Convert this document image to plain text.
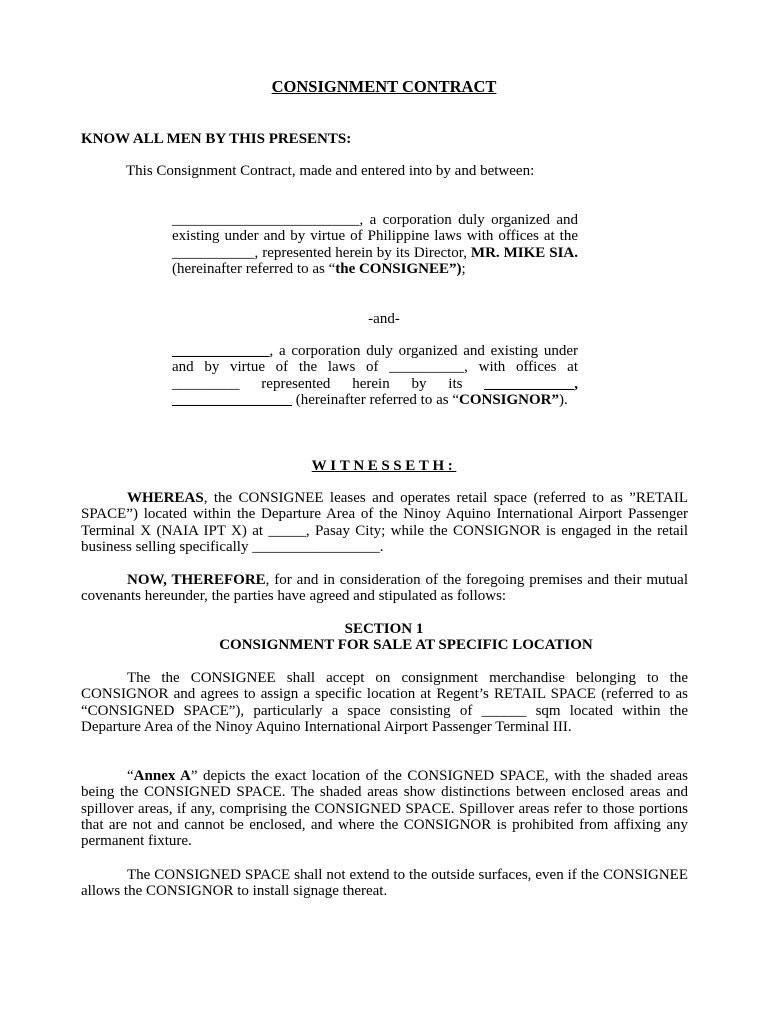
CONSIGNMENT CONTRACT
KNOW ALL MEN BY THIS PRESENTS:
This Consignment Contract, made and entered into by and between:

_________________________, a corporation duly organized and existing under and by virtue of Philippine laws with offices at the ___________, represented herein by its Director, MR. MIKE SIA. (hereinafter referred to as “the CONSIGNEE”);

-and-

_____________, a corporation duly organized and existing under and by virtue of the laws of __________, with offices at _________ represented herein by its ____________, ________________ (hereinafter referred to as “CONSIGNOR”).

WITNESSETH:

WHEREAS, the CONSIGNEE leases and operates retail space (referred to as ”RETAIL SPACE”) located within the Departure Area of the Ninoy Aquino International Airport Passenger Terminal X (NAIA IPT X) at _____, Pasay City; while the CONSIGNOR is engaged in the retail business selling specifically _________________.

NOW, THEREFORE, for and in consideration of the foregoing premises and their mutual covenants hereunder, the parties have agreed and stipulated as follows:

SECTION 1
CONSIGNMENT FOR SALE AT SPECIFIC LOCATION

The the CONSIGNEE shall accept on consignment merchandise belonging to the CONSIGNOR and agrees to assign a specific location at Regent’s RETAIL SPACE (referred to as “CONSIGNED SPACE”), particularly a space consisting of ______ sqm located within the Departure Area of the Ninoy Aquino International Airport Passenger Terminal III.

“Annex A” depicts the exact location of the CONSIGNED SPACE, with the shaded areas being the CONSIGNED SPACE. The shaded areas show distinctions between enclosed areas and spillover areas, if any, comprising the CONSIGNED SPACE. Spillover areas refer to those portions that are not and cannot be enclosed, and where the CONSIGNOR is prohibited from affixing any permanent fixture.

The CONSIGNED SPACE shall not extend to the outside surfaces, even if the CONSIGNEE allows the CONSIGNOR to install signage thereat.
